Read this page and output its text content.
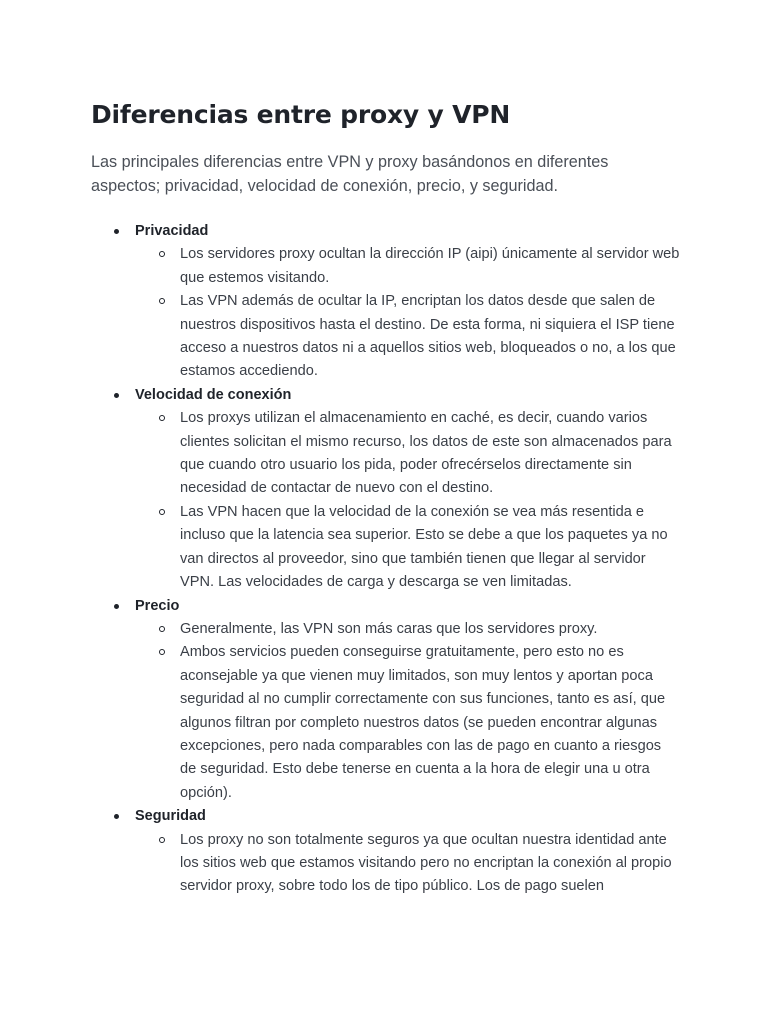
Diferencias entre proxy y VPN

Las principales diferencias entre VPN y proxy basándonos en diferentes aspectos; privacidad, velocidad de conexión, precio, y seguridad.

Privacidad
Los servidores proxy ocultan la dirección IP (aipi) únicamente al servidor web que estemos visitando.
Las VPN además de ocultar la IP, encriptan los datos desde que salen de nuestros dispositivos hasta el destino. De esta forma, ni siquiera el ISP tiene acceso a nuestros datos ni a aquellos sitios web, bloqueados o no, a los que estamos accediendo.
Velocidad de conexión
Los proxys utilizan el almacenamiento en caché, es decir, cuando varios clientes solicitan el mismo recurso, los datos de este son almacenados para que cuando otro usuario los pida, poder ofrecérselos directamente sin necesidad de contactar de nuevo con el destino.
Las VPN hacen que la velocidad de la conexión se vea más resentida e incluso que la latencia sea superior. Esto se debe a que los paquetes ya no van directos al proveedor, sino que también tienen que llegar al servidor VPN. Las velocidades de carga y descarga se ven limitadas.
Precio
Generalmente, las VPN son más caras que los servidores proxy.
Ambos servicios pueden conseguirse gratuitamente, pero esto no es aconsejable ya que vienen muy limitados, son muy lentos y aportan poca seguridad al no cumplir correctamente con sus funciones, tanto es así, que algunos filtran por completo nuestros datos (se pueden encontrar algunas excepciones, pero nada comparables con las de pago en cuanto a riesgos de seguridad. Esto debe tenerse en cuenta a la hora de elegir una u otra opción).
Seguridad
Los proxy no son totalmente seguros ya que ocultan nuestra identidad ante los sitios web que estamos visitando pero no encriptan la conexión al propio servidor proxy, sobre todo los de tipo público. Los de pago suelen
